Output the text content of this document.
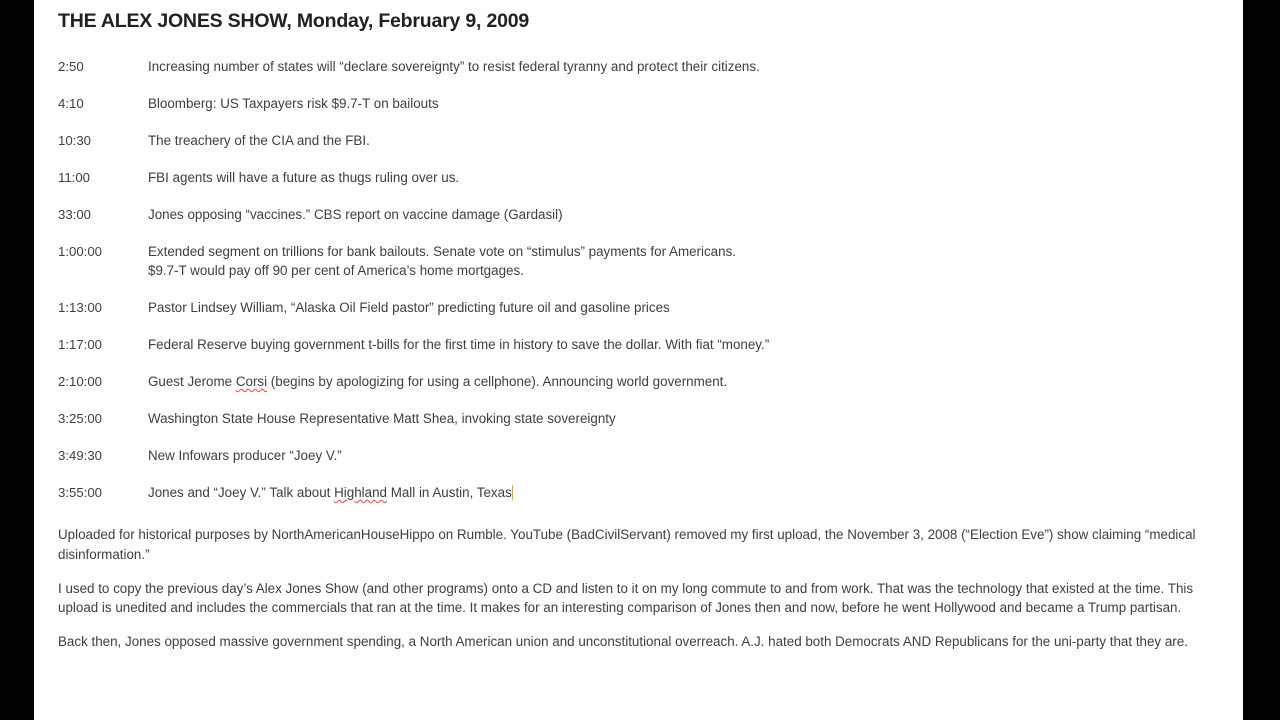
THE ALEX JONES SHOW, Monday, February 9, 2009
2:50	Increasing number of states will “declare sovereignty” to resist federal tyranny and protect their citizens.
4:10	Bloomberg: US Taxpayers risk $9.7-T on bailouts
10:30	The treachery of the CIA and the FBI.
11:00	FBI agents will have a future as thugs ruling over us.
33:00	Jones opposing “vaccines.” CBS report on vaccine damage (Gardasil)
1:00:00	Extended segment on trillions for bank bailouts. Senate vote on “stimulus” payments for Americans.
$9.7-T would pay off 90 per cent of America’s home mortgages.
1:13:00	Pastor Lindsey William, “Alaska Oil Field pastor” predicting future oil and gasoline prices
1:17:00	Federal Reserve buying government t-bills for the first time in history to save the dollar. With fiat “money.”
2:10:00	Guest Jerome Corsi (begins by apologizing for using a cellphone). Announcing world government.
3:25:00	Washington State House Representative Matt Shea, invoking state sovereignty
3:49:30	New Infowars producer “Joey V.”
3:55:00	Jones and “Joey V.” Talk about Highland Mall in Austin, Texas

Uploaded for historical purposes by NorthAmericanHouseHippo on Rumble. YouTube (BadCivilServant) removed my first upload, the November 3, 2008 (“Election Eve”) show claiming “medical disinformation.”

I used to copy the previous day’s Alex Jones Show (and other programs) onto a CD and listen to it on my long commute to and from work. That was the technology that existed at the time. This upload is unedited and includes the commercials that ran at the time. It makes for an interesting comparison of Jones then and now, before he went Hollywood and became a Trump partisan.

Back then, Jones opposed massive government spending, a North American union and unconstitutional overreach. A.J. hated both Democrats AND Republicans for the uni-party that they are.
